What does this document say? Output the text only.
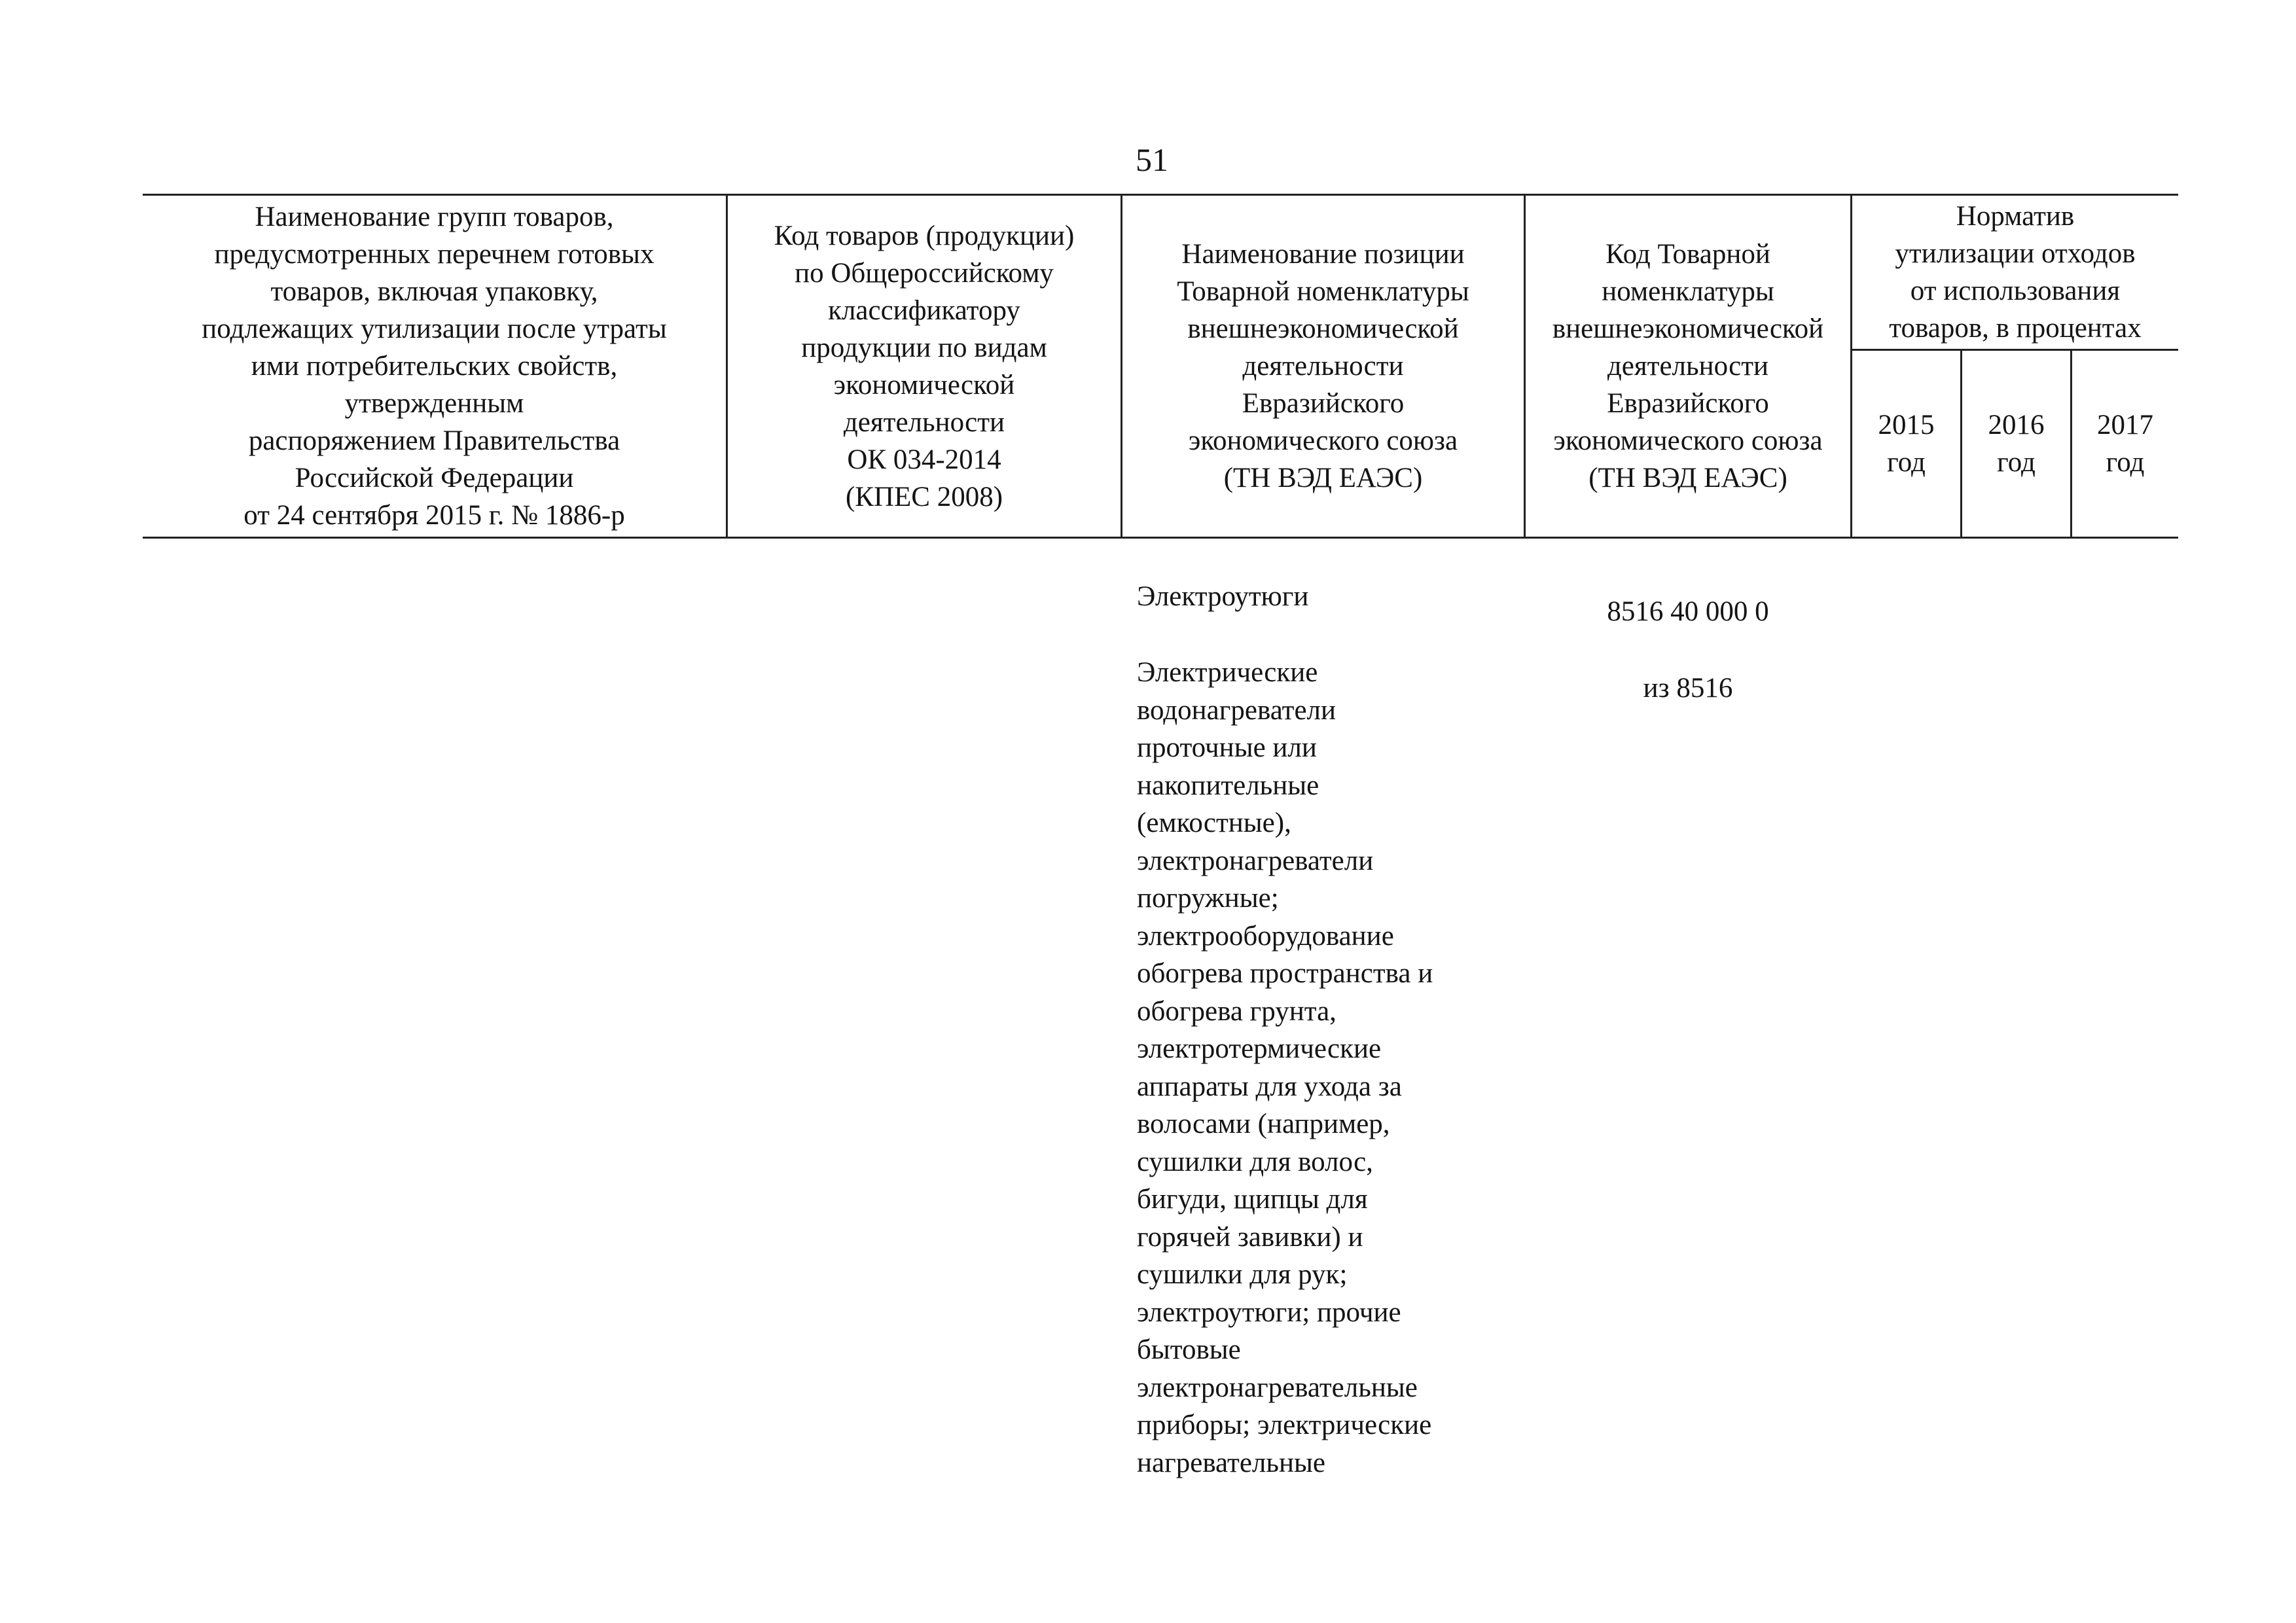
51
Наименование групп товаров,
предусмотренных перечнем готовых
товаров, включая упаковку,
подлежащих утилизации после утраты
ими потребительских свойств,
утвержденным
распоряжением Правительства
Российской Федерации
от 24 сентября 2015 г. № 1886-р
Код товаров (продукции)
по Общероссийскому
классификатору
продукции по видам
экономической
деятельности
ОК 034-2014
(КПЕС 2008)
Наименование позиции
Товарной номенклатуры
внешнеэкономической
деятельности
Евразийского
экономического союза
(ТН ВЭД ЕАЭС)
Код Товарной
номенклатуры
внешнеэкономической
деятельности
Евразийского
экономического союза
(ТН ВЭД ЕАЭС)
Норматив
утилизации отходов
от использования
товаров, в процентах
2015
год
2016
год
2017
год
Электроутюги	8516 40 000 0
Электрические
водонагреватели
проточные или
накопительные
(емкостные),
электронагреватели
погружные;
электрооборудование
обогрева пространства и
обогрева грунта,
электротермические
аппараты для ухода за
волосами (например,
сушилки для волос,
бигуди, щипцы для
горячей завивки) и
сушилки для рук;
электроутюги; прочие
бытовые
электронагревательные
приборы; электрические
нагревательные
из 8516
